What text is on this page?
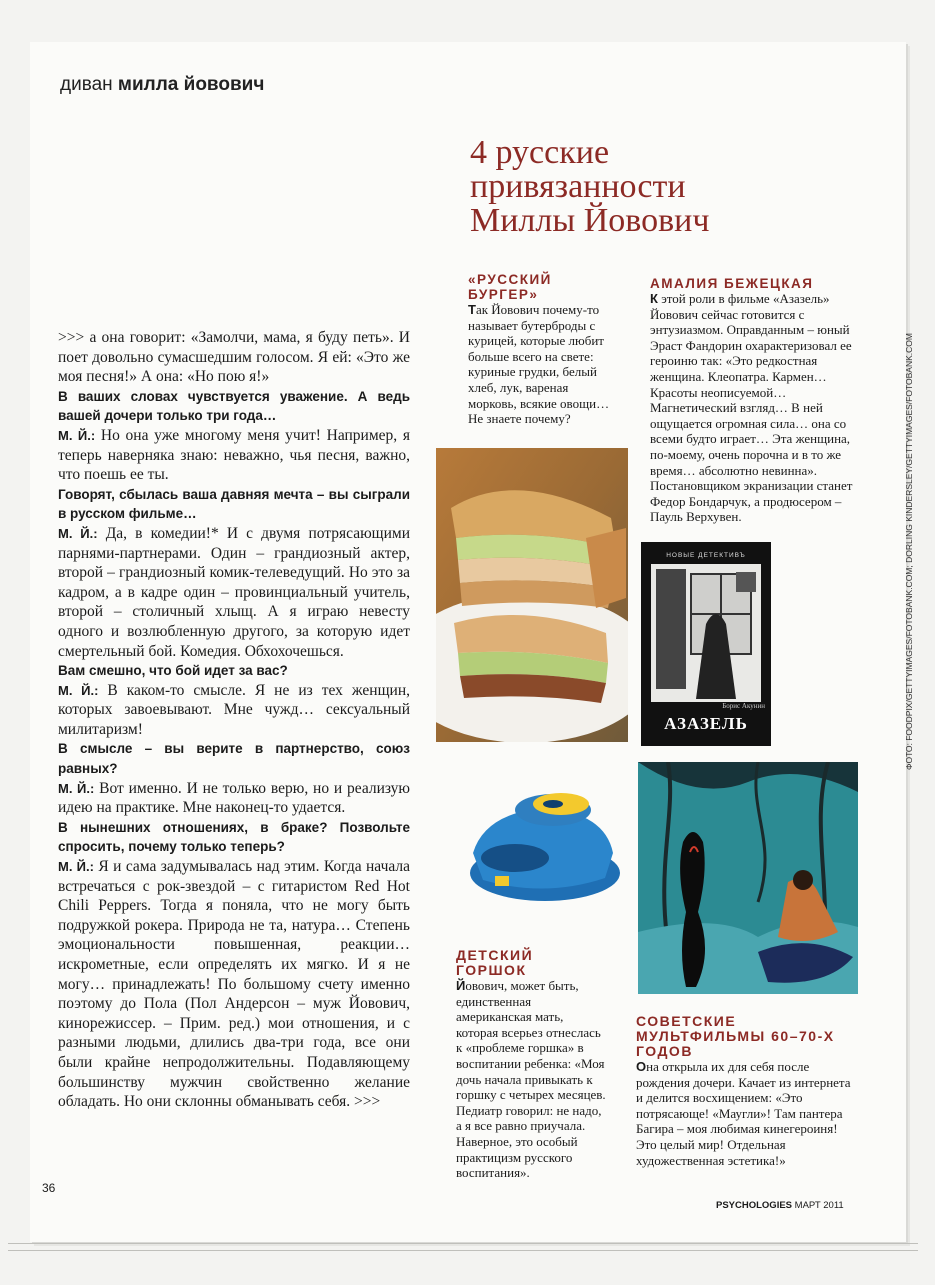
диван милла йовович
4 русские
привязанности
Миллы Йовович

>>> а она говорит: «Замолчи, мама, я буду петь». И поет довольно сумасшедшим голосом. Я ей: «Это же моя песня!» А она: «Но пою я!»

В ваших словах чувствуется уважение. А ведь вашей дочери только три года…

М. Й.: Но она уже многому меня учит! Например, я теперь наверняка знаю: неважно, чья песня, важно, что поешь ее ты.

Говорят, сбылась ваша давняя мечта – вы сыграли в русском фильме…

М. Й.: Да, в комедии!* И с двумя потрясающими парнями-партнерами. Один – грандиозный актер, второй – грандиозный комик-телеведущий. Но это за кадром, а в кадре один – провинциальный учитель, второй – столичный хлыщ. А я играю невесту одного и возлюбленную другого, за которую идет смертельный бой. Комедия. Обхохочешься.

Вам смешно, что бой идет за вас?

М. Й.: В каком-то смысле. Я не из тех женщин, которых завоевывают. Мне чужд… сексуальный милитаризм!

В смысле – вы верите в партнерство, союз равных?

М. Й.: Вот именно. И не только верю, но и реализую идею на практике. Мне наконец-то удается.

В нынешних отношениях, в браке? Позвольте спросить, почему только теперь?

М. Й.: Я и сама задумывалась над этим. Когда начала встречаться с рок-звездой – с гитаристом Red Hot Chili Peppers. Тогда я поняла, что не могу быть подружкой рокера. Природа не та, натура… Степень эмоциональности повышенная, реакции… искрометные, если определять их мягко. И я не могу… принадлежать! По большому счету именно поэтому до Пола (Пол Андерсон – муж Йовович, кинорежиссер. – Прим. ред.) мои отношения, и с разными людьми, длились два-три года, все они были крайне непродолжительны. Подавляющему большинству мужчин свойственно желание обладать. Но они склонны обманывать себя. >>>

«РУССКИЙ БУРГЕР»
Так Йовович почему-то называет бутерброды с курицей, которые любит больше всего на свете: куриные грудки, белый хлеб, лук, вареная морковь, всякие овощи… Не знаете почему?
АМАЛИЯ БЕЖЕЦКАЯ
К этой роли в фильме «Азазель» Йовович сейчас готовится с энтузиазмом. Оправданным – юный Эраст Фандорин охарактеризовал ее героиню так: «Это редкостная женщина. Клеопатра. Кармен… Красоты неописуемой… Магнетический взгляд… В ней ощущается огромная сила… она со всеми будто играет… Эта женщина, по-моему, очень порочна и в то же время… абсолютно невинна». Постановщиком экранизации станет Федор Бондарчук, а продюсером – Пауль Верхувен.
НОВЫЕ ДЕТЕКТИВЪ
Борис Акунин
АЗАЗЕЛЬ
ДЕТСКИЙ ГОРШОК
Йовович, может быть, единственная американская мать, которая всерьез отнеслась к «проблеме горшка» в воспитании ребенка: «Моя дочь начала привыкать к горшку с четырех месяцев. Педиатр говорил: не надо, а я все равно приучала. Наверное, это особый практицизм русского воспитания».
СОВЕТСКИЕ МУЛЬТФИЛЬМЫ 60–70-Х ГОДОВ
Она открыла их для себя после рождения дочери. Качает из интернета и делится восхищением: «Это потрясающе! «Маугли»! Там пантера Багира – моя любимая кинегероиня! Это целый мир! Отдельная художественная эстетика!»
ФОТО: FOODPIX/GETTYIMAGES/FOTOBANK.COM; DORLING KINDERSLEY/GETTYIMAGES/FOTOBANK.COM
36
PSYCHOLOGIES МАРТ 2011
